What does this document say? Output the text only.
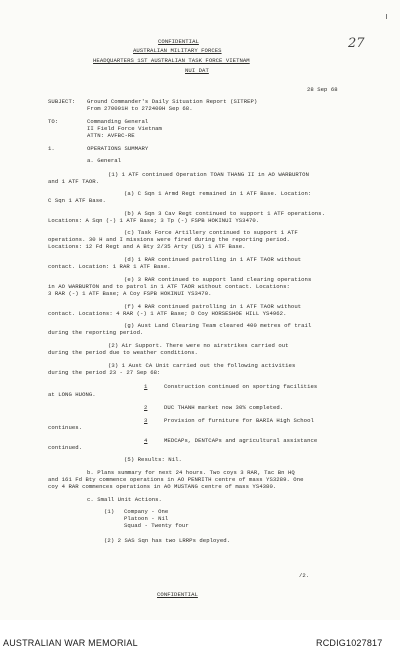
CONFIDENTIAL
AUSTRALIAN MILITARY FORCES
HEADQUARTERS 1ST AUSTRALIAN TASK FORCE VIETNAM
NUI DAT
27
28 Sep 68
SUBJECT: Ground Commander's Daily Situation Report (SITREP)
From 270001H to 272400H Sep 68.
TO:	Commanding General
II Field Force Vietnam
ATTN: AVFBC-RE
1.	OPERATIONS SUMMARY
a. General
(1) 1 ATF continued Operation TOAN THANG II in AO WARBURTON
and 1 ATF TAOR.
(a) C Sqn 1 Armd Regt remained in 1 ATF Base. Location:
C Sqn 1 ATF Base.
(b) A Sqn 3 Cav Regt continued to support 1 ATF operations.
Locations: A Sqn (-) 1 ATF Base; 3 Tp (-) FSPB HOKINUI YS3470.
(c) Task Force Artillery continued to support 1 ATF
operations. 30 H and I missions were fired during the reporting period.
Locations: 12 Fd Regt and A Bty 2/35 Arty (US) 1 ATF Base.
(d) 1 RAR continued patrolling in 1 ATF TAOR without
contact. Location: 1 RAR 1 ATF Base.
(e) 3 RAR continued to support land clearing operations
in AO WARBURTON and to patrol in 1 ATF TAOR without contact. Locations:
3 RAR (-) 1 ATF Base; A Coy FSPB HOKINUI YS3470.
(f) 4 RAR continued patrolling in 1 ATF TAOR without
contact. Locations: 4 RAR (-) 1 ATF Base; D Coy HORSESHOE HILL YS4962.
(g) Aust Land Clearing Team cleared 400 metres of trail
during the reporting period.
(2) Air Support. There were no airstrikes carried out
during the period due to weather conditions.
(3) 1 Aust CA Unit carried out the following activities
during the period 23 - 27 Sep 68:
1	Construction continued on sporting facilities
at LONG HUONG.
2	DUC THANH market now 30% completed.
3	Provision of furniture for BARIA High School
continues.
4	MEDCAPs, DENTCAPs and agricultural assistance
continued.
(5) Results: Nil.
b. Plans summary for next 24 hours. Two coys 3 RAR, Tac Bn HQ
and 161 Fd Bty commence operations in AO PENRITH centre of mass YS3289. One
coy 4 RAR commences operations in AO MUSTANG centre of mass YS4380.
c. Small Unit Actions.
(1) Company - One
Platoon - Nil
Squad - Twenty four
(2) 2 SAS Sqn has two LRRPs deployed.
/2.
CONFIDENTIAL
AUSTRALIAN WAR MEMORIAL	RCDIG1027817
